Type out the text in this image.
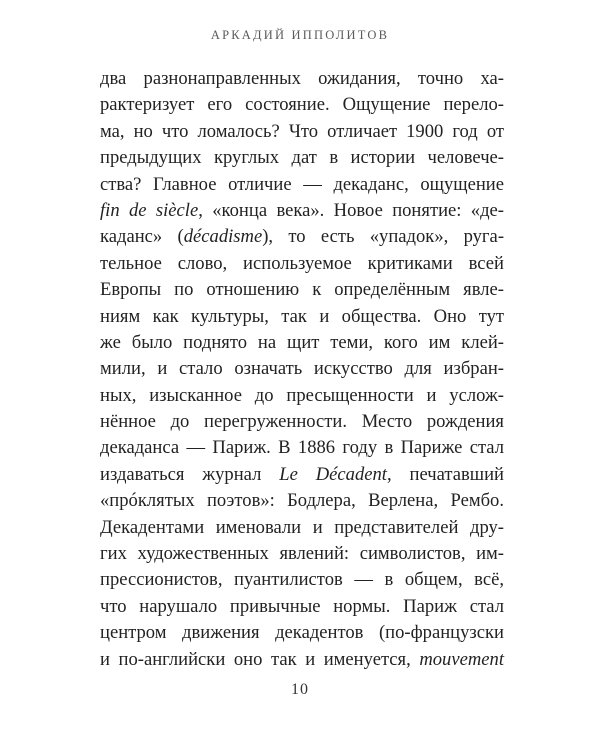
АРКАДИЙ ИППОЛИТОВ
два разнонаправленных ожидания, точно ха-
рактеризует его состояние. Ощущение перело-
ма, но что ломалось? Что отличает 1900 год от
предыдущих круглых дат в истории человече-
ства? Главное отличие — декаданс, ощущение
fin de siècle, «конца века». Новое понятие: «де-
каданс» (décadisme), то есть «упадок», руга-
тельное слово, используемое критиками всей
Европы по отношению к определённым явле-
ниям как культуры, так и общества. Оно тут
же было поднято на щит теми, кого им клей-
мили, и стало означать искусство для избран-
ных, изысканное до пресыщенности и услож-
нённое до перегруженности. Место рождения
декаданса — Париж. В 1886 году в Париже стал
издаваться журнал Le Décadent, печатавший
«прóклятых поэтов»: Бодлера, Верлена, Рембо.
Декадентами именовали и представителей дру-
гих художественных явлений: символистов, им-
прессионистов, пуантилистов — в общем, всё,
что нарушало привычные нормы. Париж стал
центром движения декадентов (по-французски
и по-английски оно так и именуется, mouvement
10
